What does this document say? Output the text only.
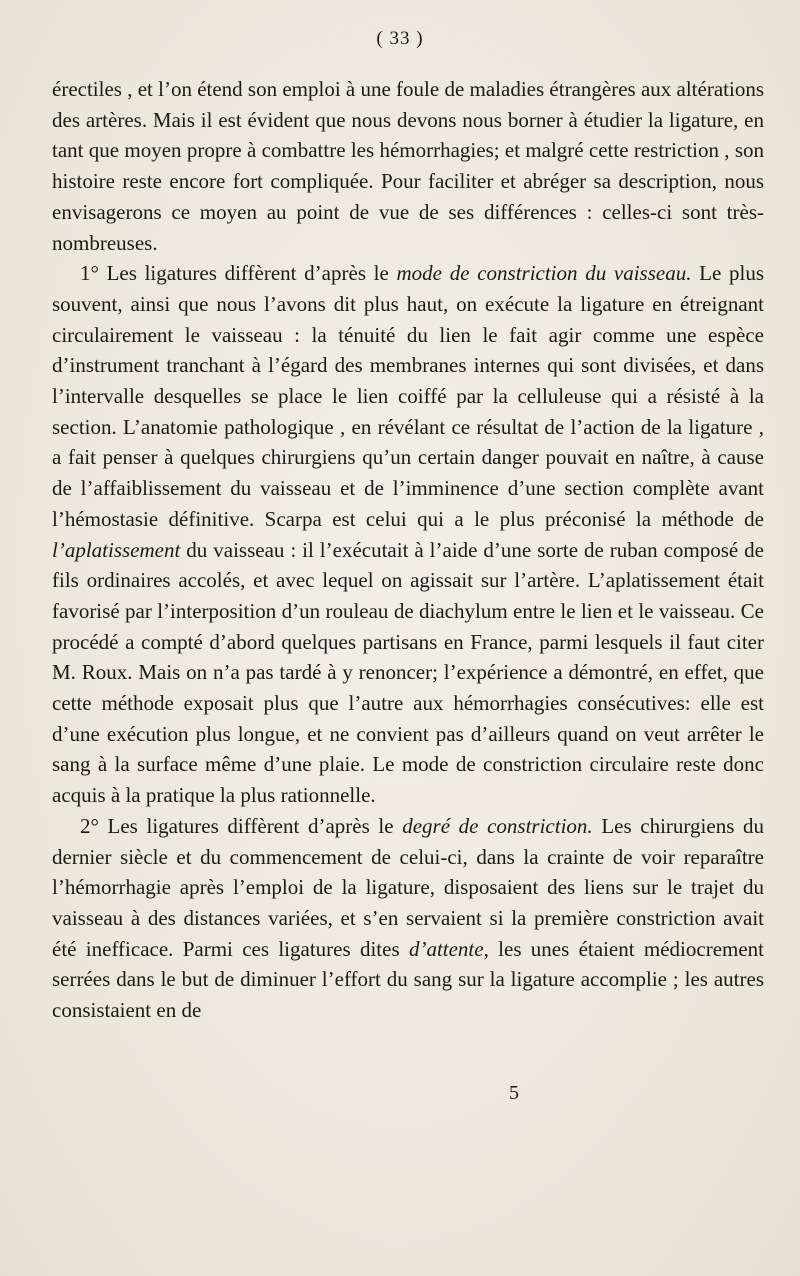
( 33 )

érectiles , et l’on étend son emploi à une foule de maladies étrangères aux altérations des artères. Mais il est évident que nous devons nous borner à étudier la ligature, en tant que moyen propre à combattre les hémorrhagies; et malgré cette restriction , son histoire reste encore fort compliquée. Pour faciliter et abréger sa description, nous envisagerons ce moyen au point de vue de ses différences : celles-ci sont très-nombreuses.

1° Les ligatures diffèrent d’après le mode de constriction du vaisseau. Le plus souvent, ainsi que nous l’avons dit plus haut, on exécute la ligature en étreignant circulairement le vaisseau : la ténuité du lien le fait agir comme une espèce d’instrument tranchant à l’égard des membranes internes qui sont divisées, et dans l’intervalle desquelles se place le lien coiffé par la celluleuse qui a résisté à la section. L’anatomie pathologique , en révélant ce résultat de l’action de la ligature , a fait penser à quelques chirurgiens qu’un certain danger pouvait en naître, à cause de l’affaiblissement du vaisseau et de l’imminence d’une section complète avant l’hémostasie définitive. Scarpa est celui qui a le plus préconisé la méthode de l’aplatissement du vaisseau : il l’exécutait à l’aide d’une sorte de ruban composé de fils ordinaires accolés, et avec lequel on agissait sur l’artère. L’aplatissement était favorisé par l’interposition d’un rouleau de diachylum entre le lien et le vaisseau. Ce procédé a compté d’abord quelques partisans en France, parmi lesquels il faut citer M. Roux. Mais on n’a pas tardé à y renoncer; l’expérience a démontré, en effet, que cette méthode exposait plus que l’autre aux hémorrhagies consécutives: elle est d’une exécution plus longue, et ne convient pas d’ailleurs quand on veut arrêter le sang à la surface même d’une plaie. Le mode de constriction circulaire reste donc acquis à la pratique la plus rationnelle.

2° Les ligatures diffèrent d’après le degré de constriction. Les chirurgiens du dernier siècle et du commencement de celui-ci, dans la crainte de voir reparaître l’hémorrhagie après l’emploi de la ligature, disposaient des liens sur le trajet du vaisseau à des distances variées, et s’en servaient si la première constriction avait été inefficace. Parmi ces ligatures dites d’attente, les unes étaient médiocrement serrées dans le but de diminuer l’effort du sang sur la ligature accomplie ; les autres consistaient en de

5
